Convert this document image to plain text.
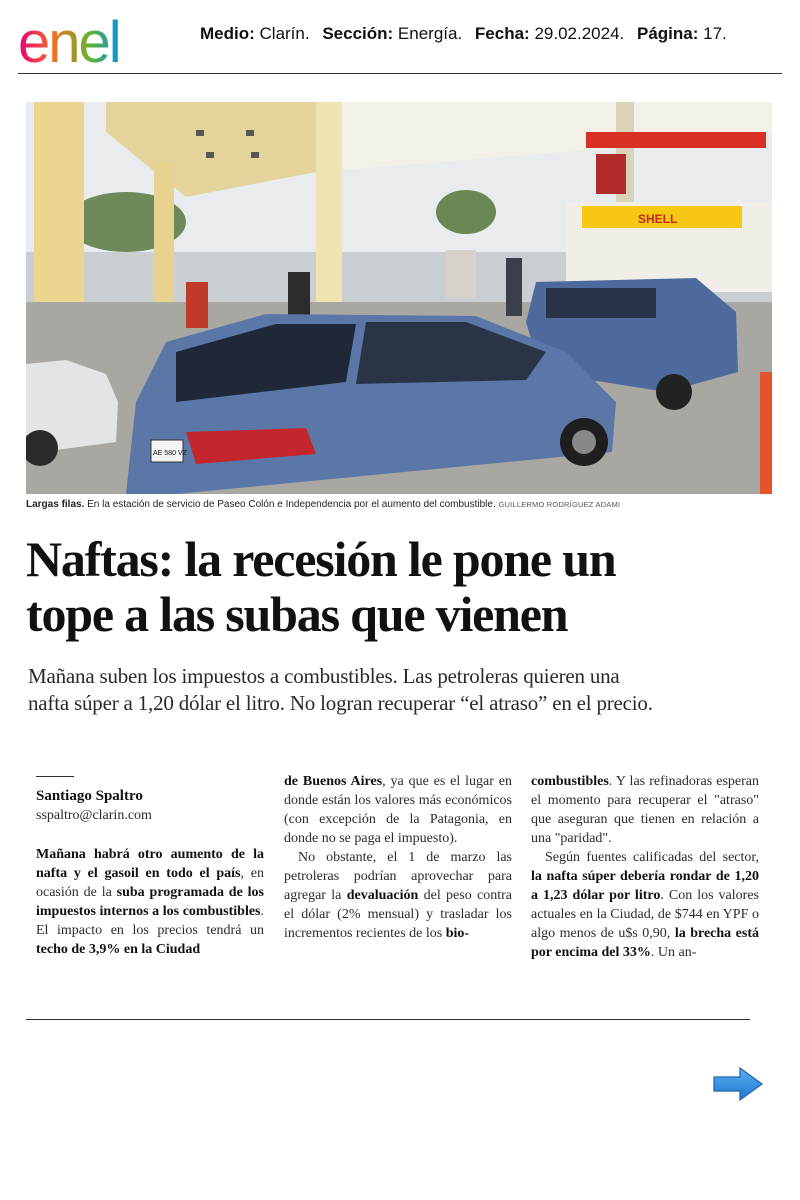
enel	Medio: Clarín. Sección: Energía. Fecha: 29.02.2024. Página: 17.
SHELL
AE 580 VZ
Largas filas. En la estación de servicio de Paseo Colón e Independencia por el aumento del combustible. GUILLERMO RODRÍGUEZ ADAMI
Naftas: la recesión le pone un
tope a las subas que vienen
Mañana suben los impuestos a combustibles. Las petroleras quieren una
nafta súper a 1,20 dólar el litro. No logran recuperar “el atraso” en el precio.
Santiago Spaltro
sspaltro@clarin.com
Mañana habrá otro aumento de la nafta y el gasoil en todo el país, en ocasión de la suba programada de los impuestos internos a los combustibles. El impacto en los precios tendrá un techo de 3,9% en la Ciudad
de Buenos Aires, ya que es el lugar en donde están los valores más económicos (con excepción de la Patagonia, en donde no se paga el impuesto).
No obstante, el 1 de marzo las petroleras podrían aprovechar para agregar la devaluación del peso contra el dólar (2% mensual) y trasladar los incrementos recientes de los bio-
combustibles. Y las refinadoras esperan el momento para recuperar el "atraso" que aseguran que tienen en relación a una "paridad".
Según fuentes calificadas del sector, la nafta súper debería rondar de 1,20 a 1,23 dólar por litro. Con los valores actuales en la Ciudad, de $744 en YPF o algo menos de u$s 0,90, la brecha está por encima del 33%. Un an-
